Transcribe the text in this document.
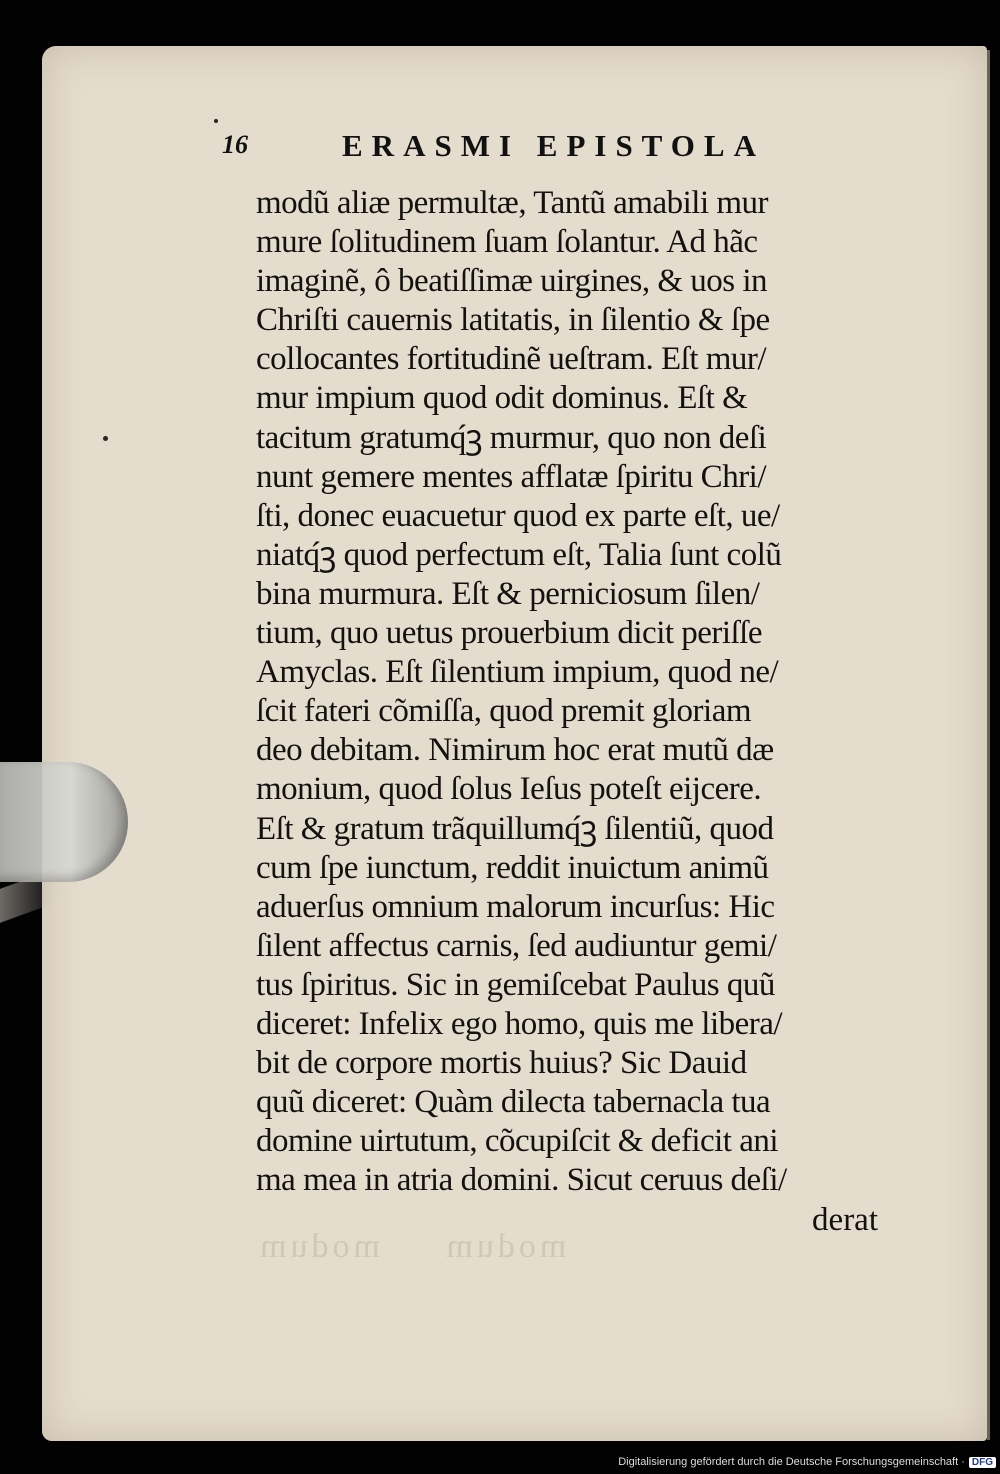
16	ERASMI EPISTOLA
modũ aliæ permultæ, Tantũ amabili mur
mure ſolitudinem ſuam ſolantur. Ad hãc
imaginẽ, ô beatiſſimæ uirgines, & uos in
Chriſti cauernis latitatis, in ſilentio & ſpe
collocantes fortitudinẽ ueſtram. Eſt mur/
mur impium quod odit dominus. Eſt &
tacitum gratumq́ꝫ murmur, quo non deſi
nunt gemere mentes afflatæ ſpiritu Chri/
ſti, donec euacuetur quod ex parte eſt, ue/
niatq́ꝫ quod perfectum eſt, Talia ſunt colũ
bina murmura. Eſt & perniciosum ſilen/
tium, quo uetus prouerbium dicit periſſe
Amyclas. Eſt ſilentium impium, quod ne/
ſcit fateri cõmiſſa, quod premit gloriam
deo debitam. Nimirum hoc erat mutũ dæ
monium, quod ſolus Ieſus poteſt eijcere.
Eſt & gratum trãquillumq́ꝫ ſilentiũ, quod
cum ſpe iunctum, reddit inuictum animũ
aduerſus omnium malorum incurſus: Hic
ſilent affectus carnis, ſed audiuntur gemi/
tus ſpiritus. Sic in gemiſcebat Paulus quũ
diceret: Infelix ego homo, quis me libera/
bit de corpore mortis huius? Sic Dauid
quũ diceret: Quàm dilecta tabernacla tua
domine uirtutum, cõcupiſcit & deficit ani
ma mea in atria domini. Sicut ceruus deſi/
derat
modum     modum
Digitalisierung gefördert durch die Deutsche Forschungsgemeinschaft · DFG
